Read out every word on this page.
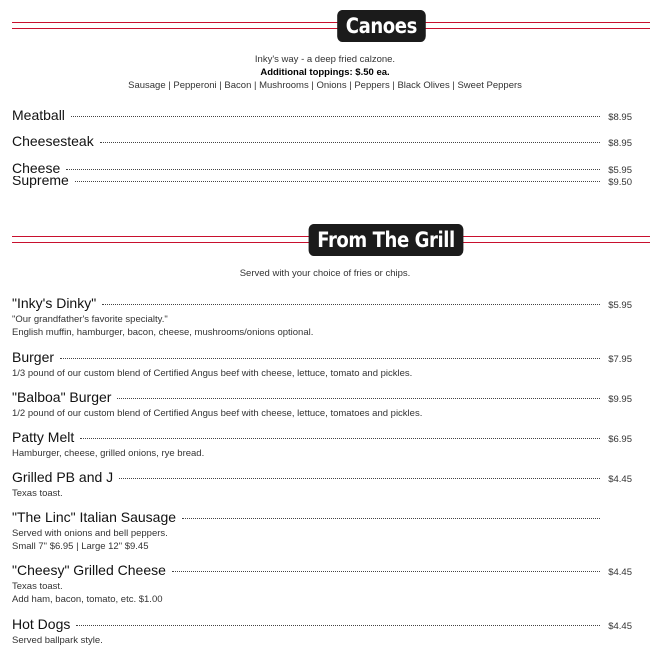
Canoes
Inky's way - a deep fried calzone.
Additional toppings: $.50 ea.
Sausage | Pepperoni | Bacon | Mushrooms | Onions | Peppers | Black Olives | Sweet Peppers
Meatball	$8.95
Cheesesteak	$8.95
Cheese	$5.95
Supreme	$9.50
From The Grill
Served with your choice of fries or chips.
"Inky's Dinky"	$5.95
"Our grandfather's favorite specialty."
English muffin, hamburger, bacon, cheese, mushrooms/onions optional.
Burger	$7.95
1/3 pound of our custom blend of Certified Angus beef with cheese, lettuce, tomato and pickles.
"Balboa" Burger	$9.95
1/2 pound of our custom blend of Certified Angus beef with cheese, lettuce, tomatoes and pickles.
Patty Melt	$6.95
Hamburger, cheese, grilled onions, rye bread.
Grilled PB and J	$4.45
Texas toast.
"The Linc" Italian Sausage
Served with onions and bell peppers.
Small 7" $6.95 | Large 12" $9.45
"Cheesy" Grilled Cheese	$4.45
Texas toast.
Add ham, bacon, tomato, etc. $1.00
Hot Dogs	$4.45
Served ballpark style.
